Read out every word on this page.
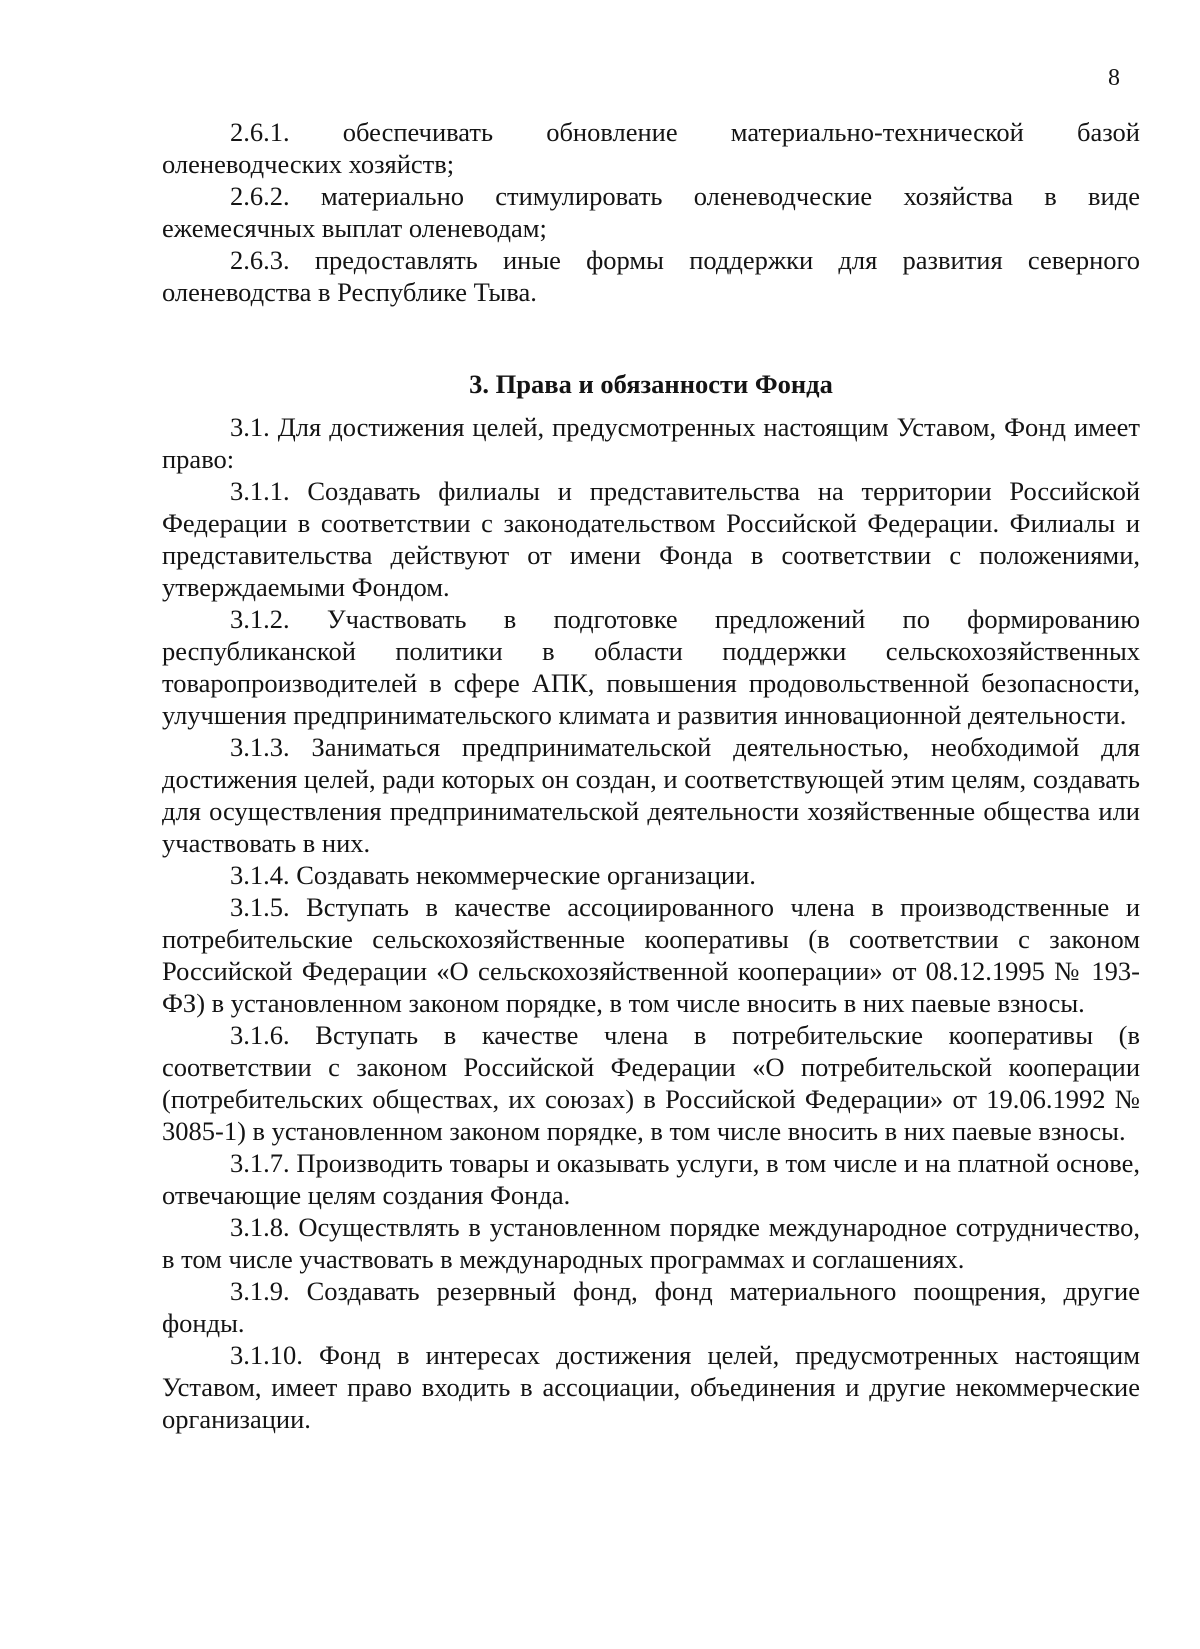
8

2.6.1. обеспечивать обновление материально-технической базой оленеводческих хозяйств;

2.6.2. материально стимулировать оленеводческие хозяйства в виде ежемесячных выплат оленеводам;

2.6.3. предоставлять иные формы поддержки для развития северного оленеводства в Республике Тыва.

3. Права и обязанности Фонда

3.1. Для достижения целей, предусмотренных настоящим Уставом, Фонд имеет право:

3.1.1. Создавать филиалы и представительства на территории Российской Федерации в соответствии с законодательством Российской Федерации. Филиалы и представительства действуют от имени Фонда в соответствии с положениями, утверждаемыми Фондом.

3.1.2. Участвовать в подготовке предложений по формированию республиканской политики в области поддержки сельскохозяйственных товаропроизводителей в сфере АПК, повышения продовольственной безопасности, улучшения предпринимательского климата и развития инновационной деятельности.

3.1.3. Заниматься предпринимательской деятельностью, необходимой для достижения целей, ради которых он создан, и соответствующей этим целям, создавать для осуществления предпринимательской деятельности хозяйственные общества или участвовать в них.

3.1.4. Создавать некоммерческие организации.

3.1.5. Вступать в качестве ассоциированного члена в производственные и потребительские сельскохозяйственные кооперативы (в соответствии с законом Российской Федерации «О сельскохозяйственной кооперации» от 08.12.1995 № 193-ФЗ) в установленном законом порядке, в том числе вносить в них паевые взносы.

3.1.6. Вступать в качестве члена в потребительские кооперативы (в соответствии с законом Российской Федерации «О потребительской кооперации (потребительских обществах, их союзах) в Российской Федерации» от 19.06.1992 № 3085-1) в установленном законом порядке, в том числе вносить в них паевые взносы.

3.1.7. Производить товары и оказывать услуги, в том числе и на платной основе, отвечающие целям создания Фонда.

3.1.8. Осуществлять в установленном порядке международное сотрудничество, в том числе участвовать в международных программах и соглашениях.

3.1.9. Создавать резервный фонд, фонд материального поощрения, другие фонды.

3.1.10. Фонд в интересах достижения целей, предусмотренных настоящим Уставом, имеет право входить в ассоциации, объединения и другие некоммерческие организации.
